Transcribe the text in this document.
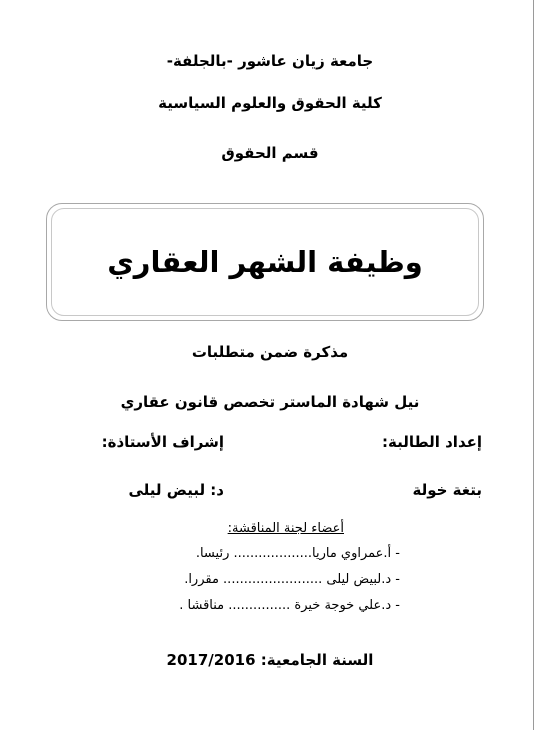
جامعة زيان عاشور -بالجلفة-
كلية الحقوق والعلوم السياسية
قسم الحقوق
وظيفة الشهر العقاري
مذكرة ضمن متطلبات
نيل شهادة الماستر تخصص قانون عقاري
إعداد الطالبة:
إشراف الأستاذة:
بتغة خولة
د: لبيض ليلى
أعضاء لجنة المناقشة:
- أ.عمراوي ماريا................... رئيسا.
- د.لبيض ليلى ........................ مقررا.
- د.علي خوجة خيرة ............... مناقشا .
2017/2016 السنة الجامعية:
